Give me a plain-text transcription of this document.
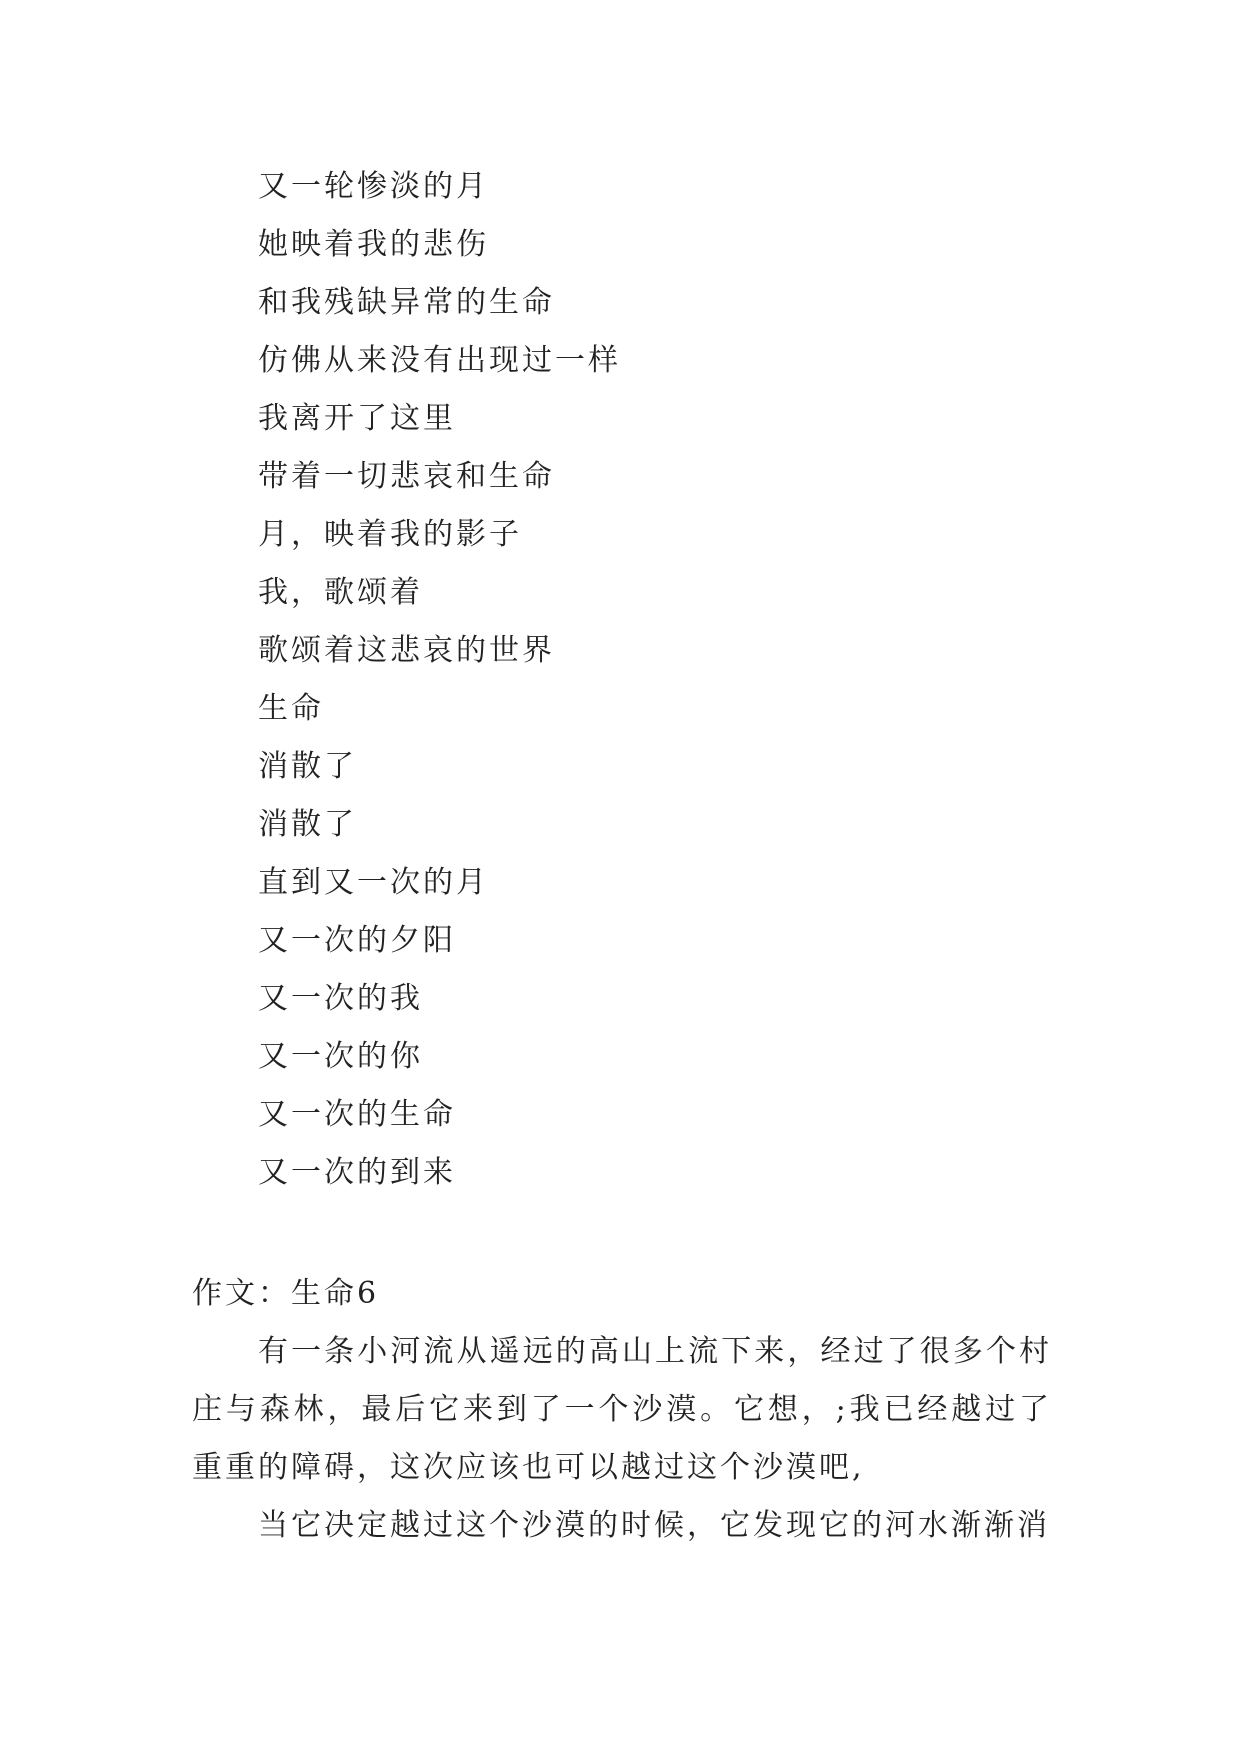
又一轮惨淡的月
她映着我的悲伤
和我残缺异常的生命
仿佛从来没有出现过一样
我离开了这里
带着一切悲哀和生命
月，映着我的影子
我，歌颂着
歌颂着这悲哀的世界
生命
消散了
消散了
直到又一次的月
又一次的夕阳
又一次的我
又一次的你
又一次的生命
又一次的到来
作文：生命6

有一条小河流从遥远的高山上流下来，经过了很多个村庄与森林，最后它来到了一个沙漠。它想，;我已经越过了重重的障碍，这次应该也可以越过这个沙漠吧,

当它决定越过这个沙漠的时候，它发现它的河水渐渐消
